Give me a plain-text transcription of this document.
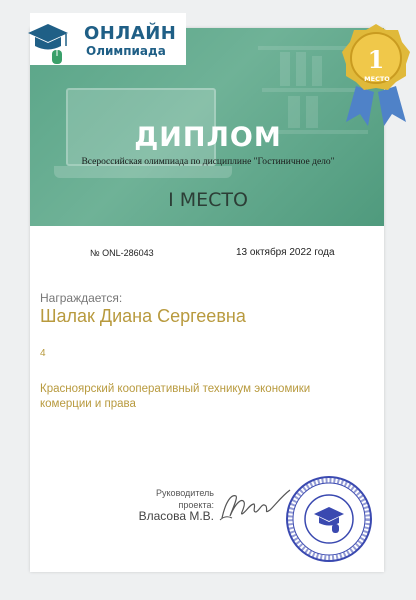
ОНЛАЙН
Олимпиада	1
МЕСТО
ДИПЛОМ
Всероссийская олимпиада по дисциплине "Гостиничное дело"
I МЕСТО
№ ONL-286043	13 октября 2022 года
Награждается:
Шалак Диана Сергеевна
4
Красноярский кооперативный техникум экономики комерции и права
Руководитель проекта:
Власова М.В.
